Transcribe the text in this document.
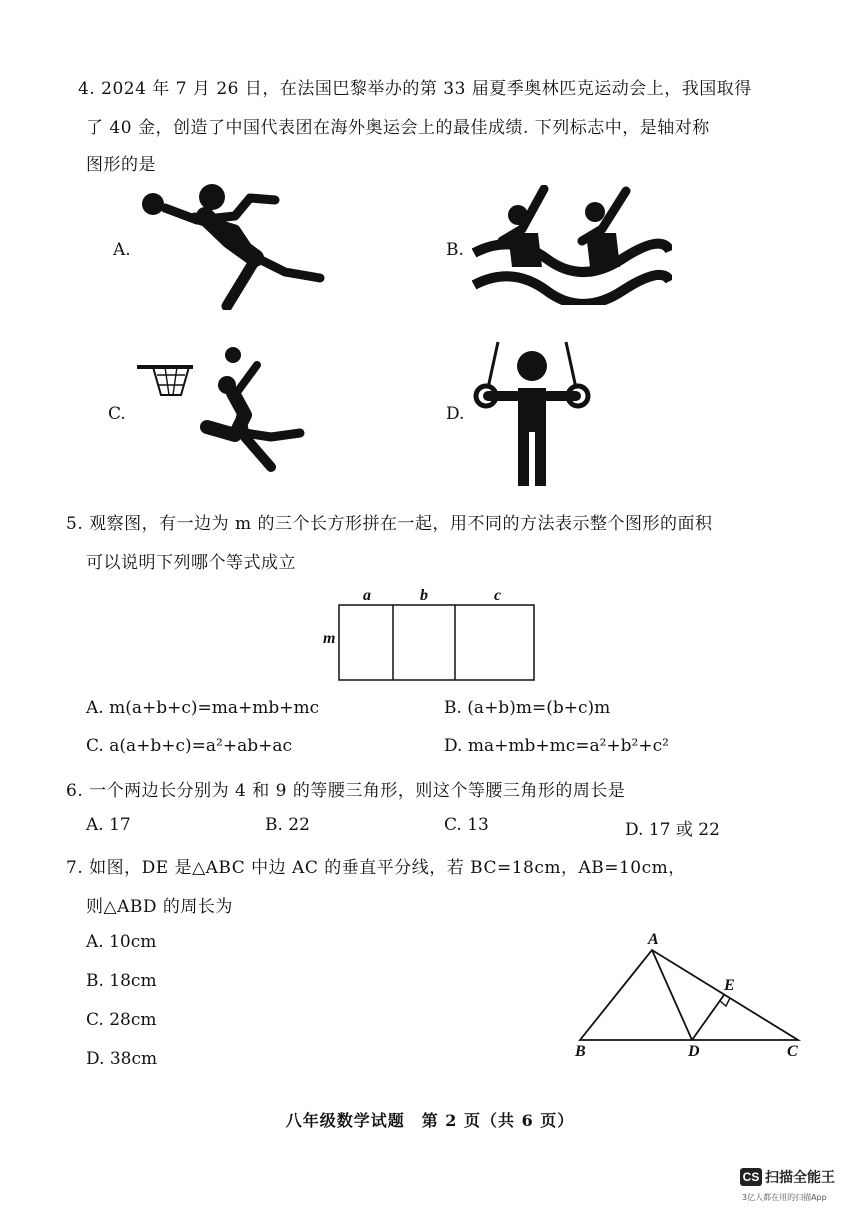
4. 2024 年 7 月 26 日，在法国巴黎举办的第 33 届夏季奥林匹克运动会上，我国取得
了 40 金，创造了中国代表团在海外奥运会上的最佳成绩. 下列标志中，是轴对称
图形的是
A.	B.
C.	D.
5. 观察图，有一边为 m 的三个长方形拼在一起，用不同的方法表示整个图形的面积
可以说明下列哪个等式成立
m
a	b	c
A. m(a+b+c)=ma+mb+mc	B. (a+b)m=(b+c)m
C. a(a+b+c)=a²+ab+ac	D. ma+mb+mc=a²+b²+c²
6. 一个两边长分别为 4 和 9 的等腰三角形，则这个等腰三角形的周长是
A. 17	B. 22	C. 13	D. 17 或 22
7. 如图，DE 是△ABC 中边 AC 的垂直平分线，若 BC=18cm，AB=10cm，
则△ABD 的周长为
A. 10cm
B. 18cm
C. 28cm
D. 38cm
A
B	C
D
E
八年级数学试题　第 2 页（共 6 页）
CS 扫描全能王
3亿人都在用的扫描App
